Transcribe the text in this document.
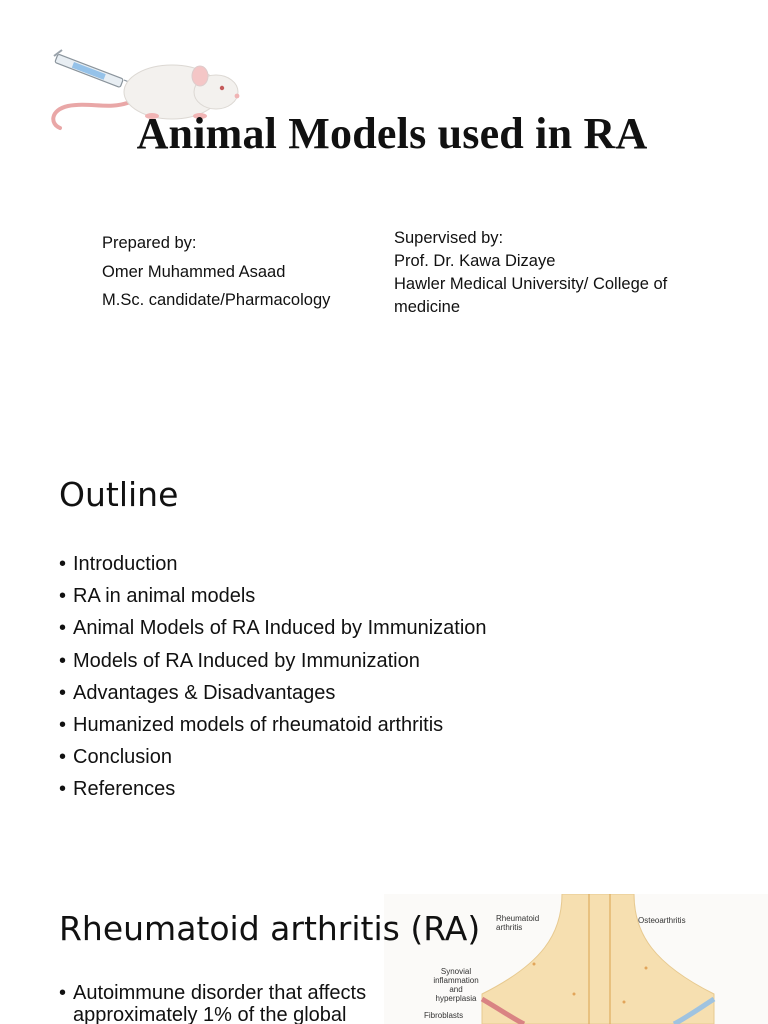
Animal Models used in RA
Prepared by:
Omer Muhammed Asaad
M.Sc. candidate/Pharmacology
Supervised by:
Prof. Dr. Kawa Dizaye
Hawler Medical University/ College of medicine
Outline
• Introduction
• RA in animal models
• Animal Models of RA Induced by Immunization
• Models of RA Induced by Immunization
• Advantages & Disadvantages
• Humanized models of rheumatoid arthritis
• Conclusion
• References
Rheumatoid arthritis
Osteoarthritis
Synovial inflammation and hyperplasia
Fibroblasts
Rheumatoid arthritis (RA)
• Autoimmune disorder that affects
approximately 1% of the global
